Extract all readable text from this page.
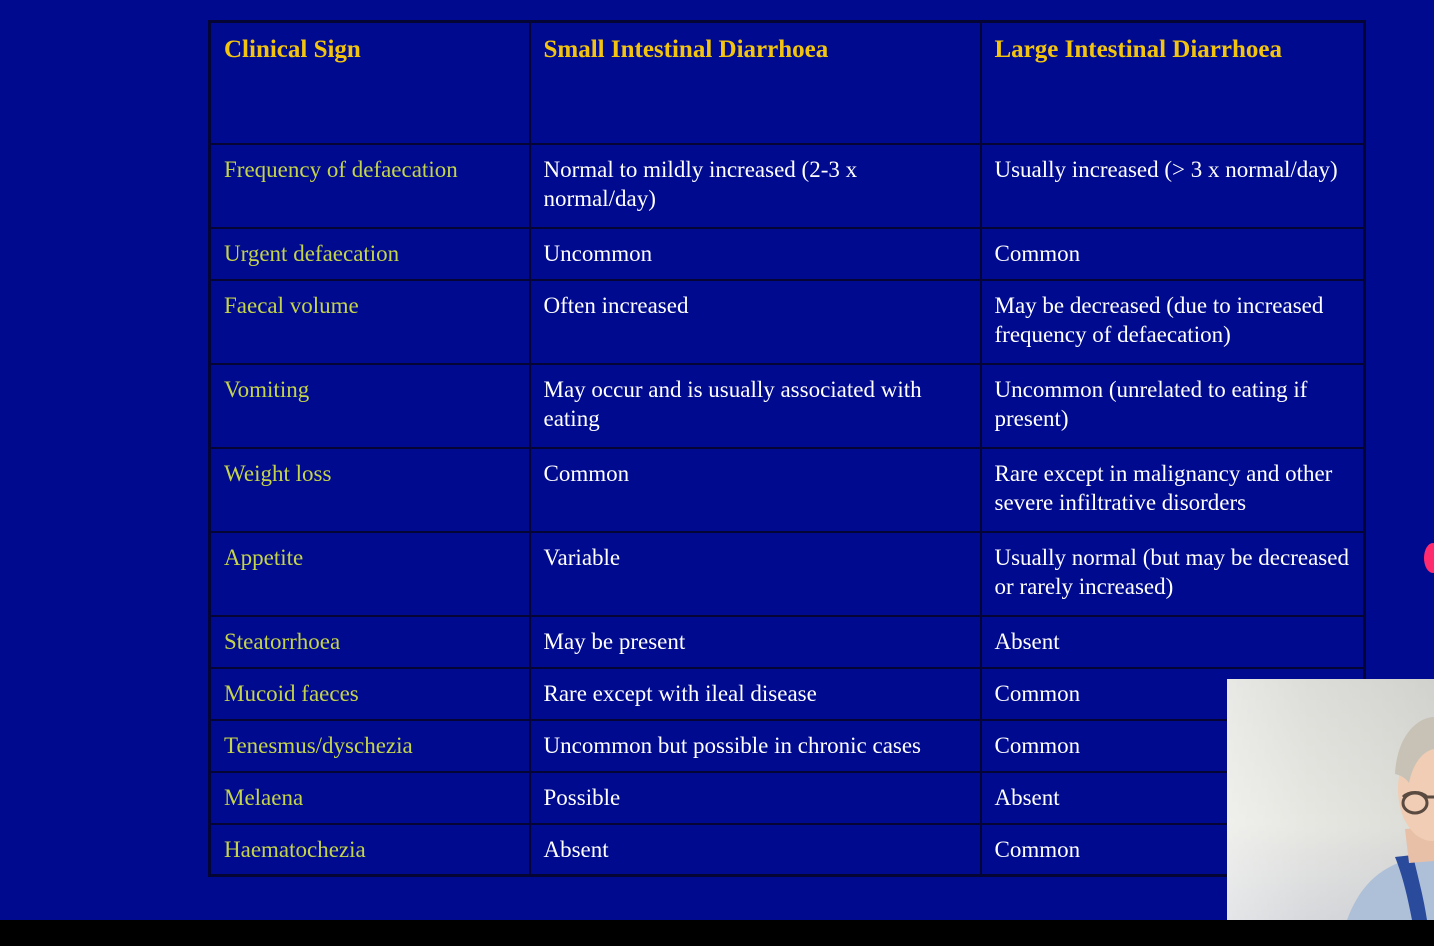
Clinical Sign	Small Intestinal Diarrhoea	Large Intestinal Diarrhoea
Frequency of defaecation	Normal to mildly increased (2-3 x normal/day)	Usually increased (> 3 x normal/day)
Urgent defaecation	Uncommon	Common
Faecal volume	Often increased	May be decreased (due to increased frequency of defaecation)
Vomiting	May occur and is usually associated with eating	Uncommon (unrelated to eating if present)
Weight loss	Common	Rare except in malignancy and other severe infiltrative disorders
Appetite	Variable	Usually normal (but may be decreased or rarely increased)
Steatorrhoea	May be present	Absent
Mucoid faeces	Rare except with ileal disease	Common
Tenesmus/dyschezia	Uncommon but possible in chronic cases	Common
Melaena	Possible	Absent
Haematochezia	Absent	Common
